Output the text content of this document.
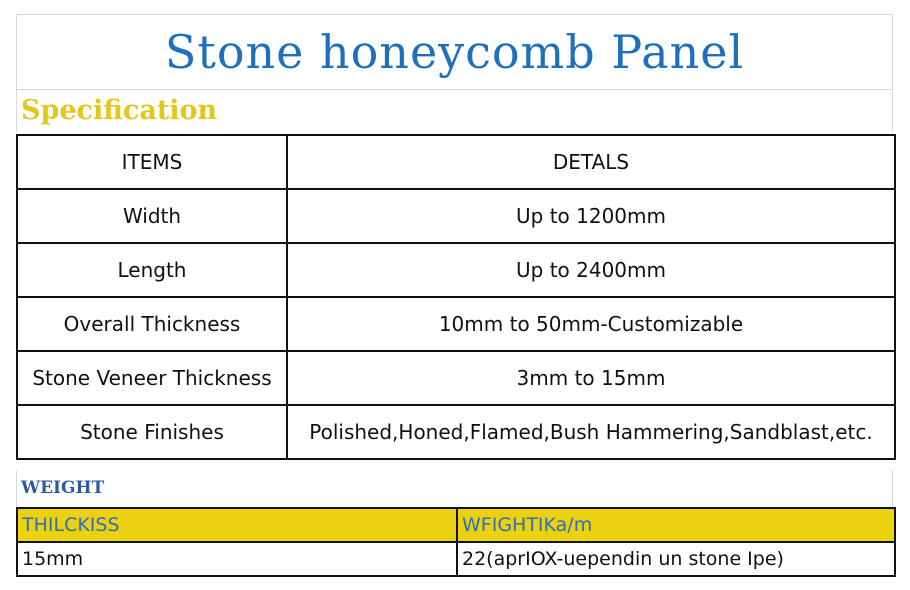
Stone honeycomb Panel
Specification
ITEMS	DETALS
Width	Up to 1200mm
Length	Up to 2400mm
Overall Thickness	10mm to 50mm-Customizable
Stone Veneer Thickness	3mm to 15mm
Stone Finishes	Polished,Honed,Flamed,Bush Hammering,Sandblast,etc.
WEIGHT
THILCKISS	WFIGHTIKa/m
15mm	22(aprIOX-uependin un stone Ipe)
